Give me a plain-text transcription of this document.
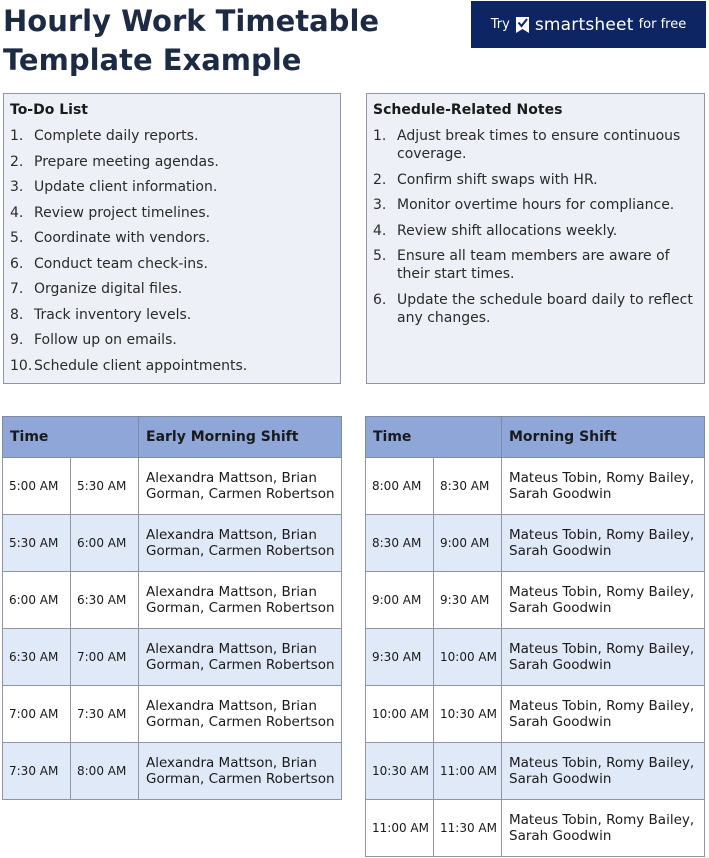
Hourly Work Timetable
Template Example
Try smartsheet for free
To-Do List
1. Complete daily reports.
2. Prepare meeting agendas.
3. Update client information.
4. Review project timelines.
5. Coordinate with vendors.
6. Conduct team check-ins.
7. Organize digital files.
8. Track inventory levels.
9. Follow up on emails.
10. Schedule client appointments.
Schedule-Related Notes
1. Adjust break times to ensure continuous coverage.
2. Confirm shift swaps with HR.
3. Monitor overtime hours for compliance.
4. Review shift allocations weekly.
5. Ensure all team members are aware of their start times.
6. Update the schedule board daily to reflect any changes.
Time		Early Morning Shift
5:00 AM	5:30 AM	Alexandra Mattson, Brian Gorman, Carmen Robertson
5:30 AM	6:00 AM	Alexandra Mattson, Brian Gorman, Carmen Robertson
6:00 AM	6:30 AM	Alexandra Mattson, Brian Gorman, Carmen Robertson
6:30 AM	7:00 AM	Alexandra Mattson, Brian Gorman, Carmen Robertson
7:00 AM	7:30 AM	Alexandra Mattson, Brian Gorman, Carmen Robertson
7:30 AM	8:00 AM	Alexandra Mattson, Brian Gorman, Carmen Robertson
Time		Morning Shift
8:00 AM	8:30 AM	Mateus Tobin, Romy Bailey, Sarah Goodwin
8:30 AM	9:00 AM	Mateus Tobin, Romy Bailey, Sarah Goodwin
9:00 AM	9:30 AM	Mateus Tobin, Romy Bailey, Sarah Goodwin
9:30 AM	10:00 AM	Mateus Tobin, Romy Bailey, Sarah Goodwin
10:00 AM	10:30 AM	Mateus Tobin, Romy Bailey, Sarah Goodwin
10:30 AM	11:00 AM	Mateus Tobin, Romy Bailey, Sarah Goodwin
11:00 AM	11:30 AM	Mateus Tobin, Romy Bailey, Sarah Goodwin
